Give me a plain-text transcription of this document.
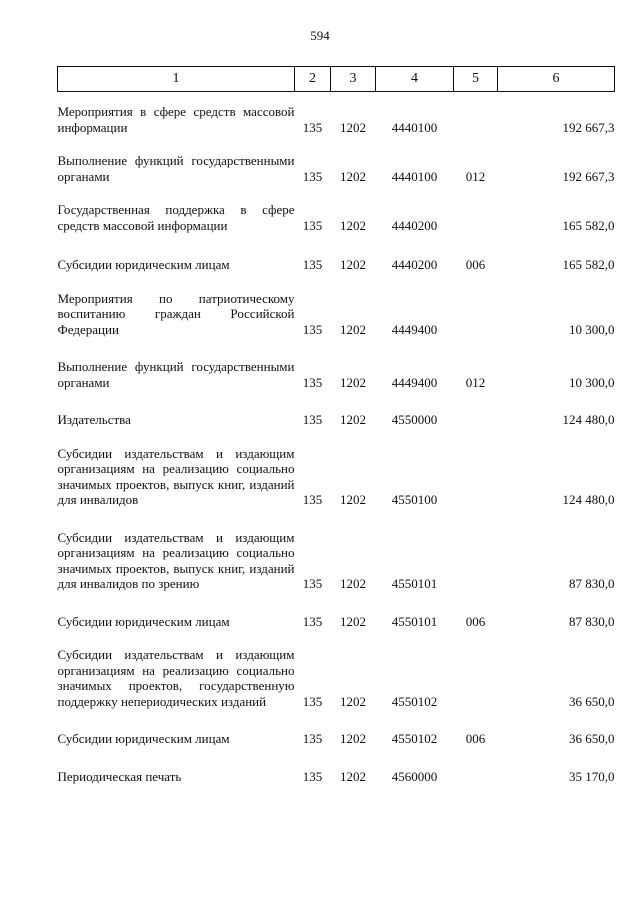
594
1	2	3	4	5	6

Мероприятия в сфере средств массовой информации	135	1202	4440100		192 667,3

Выполнение функций государственными органами	135	1202	4440100	012	192 667,3

Государственная поддержка в сфере средств массовой информации	135	1202	4440200		165 582,0

Субсидии юридическим лицам	135	1202	4440200	006	165 582,0

Мероприятия по патриотическому воспитанию граждан Российской Федерации	135	1202	4449400		10 300,0

Выполнение функций государственными органами	135	1202	4449400	012	10 300,0

Издательства	135	1202	4550000		124 480,0

Субсидии издательствам и издающим организациям на реализацию социально значимых проектов, выпуск книг, изданий для инвалидов	135	1202	4550100		124 480,0

Субсидии издательствам и издающим организациям на реализацию социально значимых проектов, выпуск книг, изданий для инвалидов по зрению	135	1202	4550101		87 830,0

Субсидии юридическим лицам	135	1202	4550101	006	87 830,0

Субсидии издательствам и издающим организациям на реализацию социально значимых проектов, государственную поддержку непериодических изданий	135	1202	4550102		36 650,0

Субсидии юридическим лицам	135	1202	4550102	006	36 650,0

Периодическая печать	135	1202	4560000		35 170,0
